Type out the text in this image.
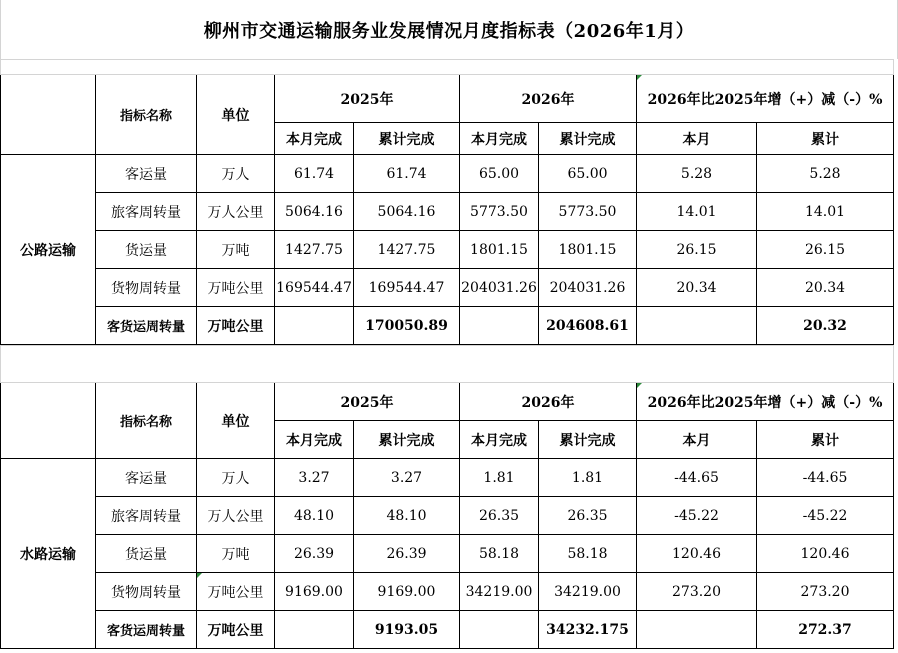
柳州市交通运输服务业发展情况月度指标表（2026年1月）

	指标名称	单位	2025年		2026年		2026年比2025年增（+）减（-）%	
			本月完成	累计完成	本月完成	累计完成	本月	累计
公路运输	客运量	万人	61.74	61.74	65.00	65.00	5.28	5.28
	旅客周转量	万人公里	5064.16	5064.16	5773.50	5773.50	14.01	14.01
	货运量	万吨	1427.75	1427.75	1801.15	1801.15	26.15	26.15
	货物周转量	万吨公里	169544.47	169544.47	204031.26	204031.26	20.34	20.34
	客货运周转量	万吨公里		170050.89		204608.61		20.32

	指标名称	单位	2025年		2026年		2026年比2025年增（+）减（-）%	
			本月完成	累计完成	本月完成	累计完成	本月	累计
水路运输	客运量	万人	3.27	3.27	1.81	1.81	-44.65	-44.65
	旅客周转量	万人公里	48.10	48.10	26.35	26.35	-45.22	-45.22
	货运量	万吨	26.39	26.39	58.18	58.18	120.46	120.46
	货物周转量	万吨公里	9169.00	9169.00	34219.00	34219.00	273.20	273.20
	客货运周转量	万吨公里		9193.05		34232.175		272.37
